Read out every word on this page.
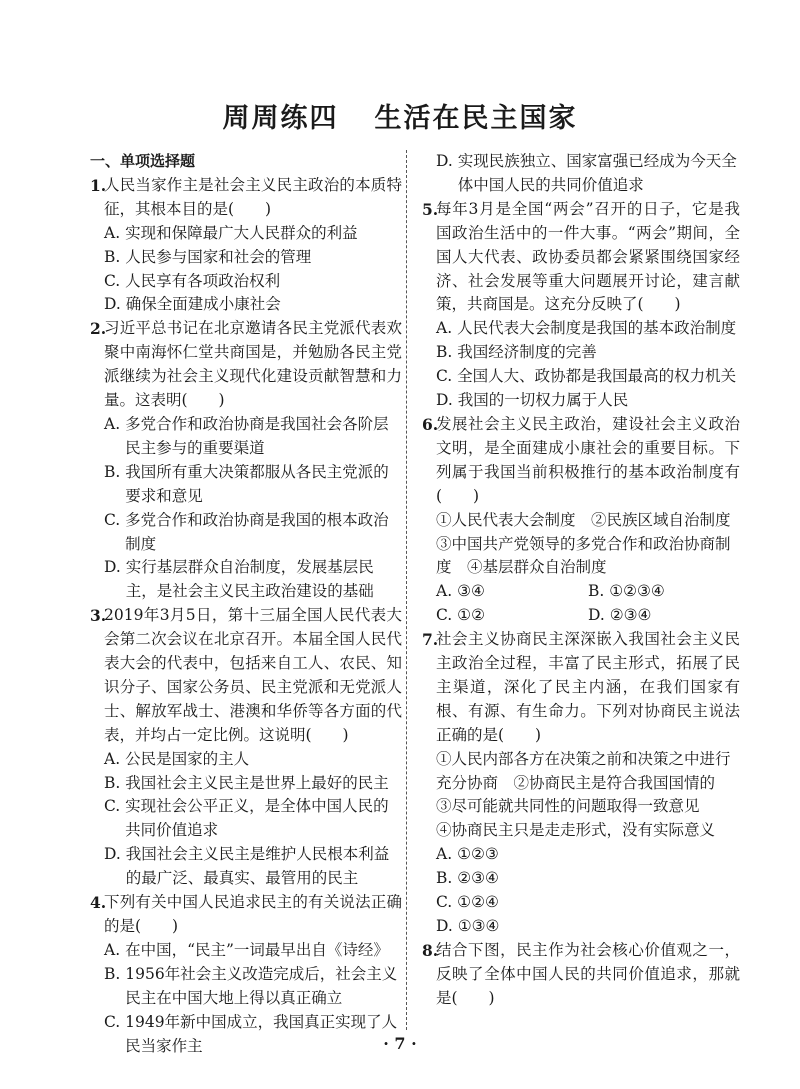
周周练四 生活在民主国家
一、单项选择题
1.
人民当家作主是社会主义民主政治的本质特征，其根本目的是(　　)
A. 实现和保障最广大人民群众的利益
B. 人民参与国家和社会的管理
C. 人民享有各项政治权利
D. 确保全面建成小康社会
2.
习近平总书记在北京邀请各民主党派代表欢聚中南海怀仁堂共商国是，并勉励各民主党派继续为社会主义现代化建设贡献智慧和力量。这表明(　　)
A. 多党合作和政治协商是我国社会各阶层民主参与的重要渠道
B. 我国所有重大决策都服从各民主党派的要求和意见
C. 多党合作和政治协商是我国的根本政治制度
D. 实行基层群众自治制度，发展基层民主，是社会主义民主政治建设的基础
3.
2019年3月5日，第十三届全国人民代表大会第二次会议在北京召开。本届全国人民代表大会的代表中，包括来自工人、农民、知识分子、国家公务员、民主党派和无党派人士、解放军战士、港澳和华侨等各方面的代表，并均占一定比例。这说明(　　)
A. 公民是国家的主人
B. 我国社会主义民主是世界上最好的民主
C. 实现社会公平正义，是全体中国人民的共同价值追求
D. 我国社会主义民主是维护人民根本利益的最广泛、最真实、最管用的民主
4.
下列有关中国人民追求民主的有关说法正确的是(　　)
A. 在中国，“民主”一词最早出自《诗经》
B. 1956年社会主义改造完成后，社会主义民主在中国大地上得以真正确立
C. 1949年新中国成立，我国真正实现了人民当家作主
D. 实现民族独立、国家富强已经成为今天全体中国人民的共同价值追求
5.
每年3月是全国“两会”召开的日子，它是我国政治生活中的一件大事。“两会”期间，全国人大代表、政协委员都会紧紧围绕国家经济、社会发展等重大问题展开讨论，建言献策，共商国是。这充分反映了(　　)
A. 人民代表大会制度是我国的基本政治制度
B. 我国经济制度的完善
C. 全国人大、政协都是我国最高的权力机关
D. 我国的一切权力属于人民
6.
发展社会主义民主政治，建设社会主义政治文明，是全面建成小康社会的重要目标。下列属于我国当前积极推行的基本政治制度有(　　)
①人民代表大会制度　②民族区域自治制度
③中国共产党领导的多党合作和政治协商制度　④基层群众自治制度
A. ③④	B. ①②③④
C. ①②	D. ②③④
7.
社会主义协商民主深深嵌入我国社会主义民主政治全过程，丰富了民主形式，拓展了民主渠道，深化了民主内涵，在我们国家有根、有源、有生命力。下列对协商民主说法正确的是(　　)
①人民内部各方在决策之前和决策之中进行充分协商　②协商民主是符合我国国情的
③尽可能就共同性的问题取得一致意见
④协商民主只是走走形式，没有实际意义
A. ①②③
B. ②③④
C. ①②④
D. ①③④
8.
结合下图，民主作为社会核心价值观之一，反映了全体中国人民的共同价值追求，那就是(　　)
· 7 ·
